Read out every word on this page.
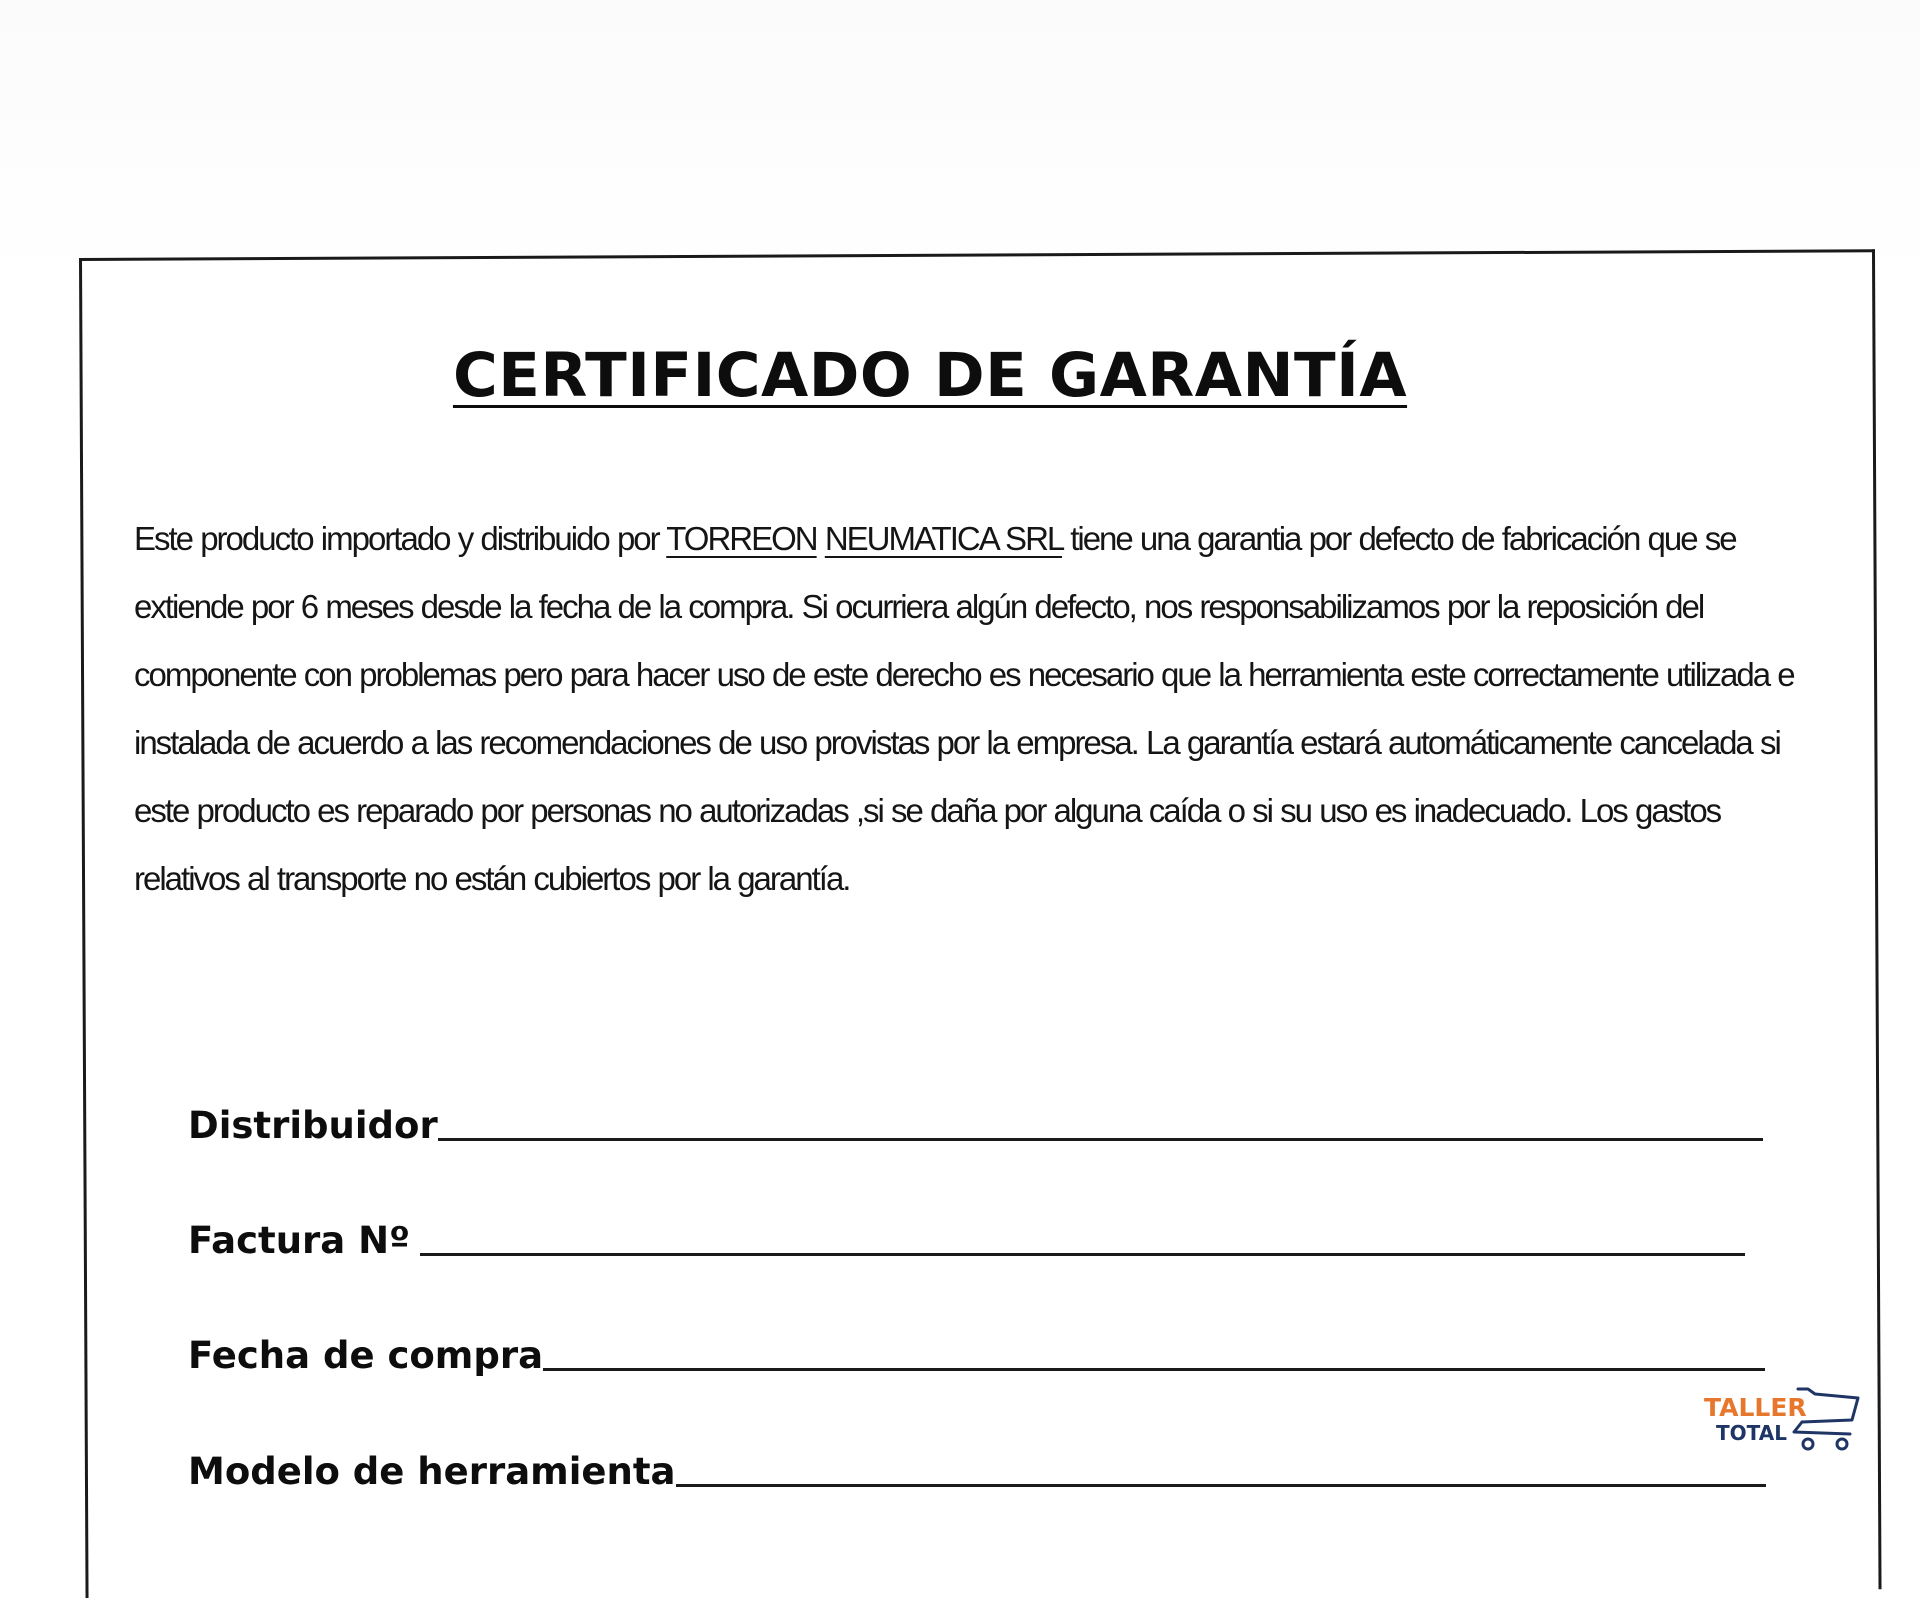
CERTIFICADO DE GARANTÍA

Este producto importado y distribuido por TORREON NEUMATICA SRL tiene una garantia por defecto de fabricación que se extiende por 6 meses desde la fecha de la compra. Si ocurriera algún defecto, nos responsabilizamos por la reposición del componente con problemas pero para hacer uso de este derecho es necesario que la herramienta este correctamente utilizada e instalada de acuerdo a las recomendaciones de uso provistas por la empresa. La garantía estará automáticamente cancelada si este producto es reparado por personas no autorizadas ,si se daña por alguna caída o si su uso es inadecuado. Los gastos relativos al transporte no están cubiertos por la garantía.

Distribuidor
Factura Nº
Fecha de compra
Modelo de herramienta
TALLER
TOTAL
